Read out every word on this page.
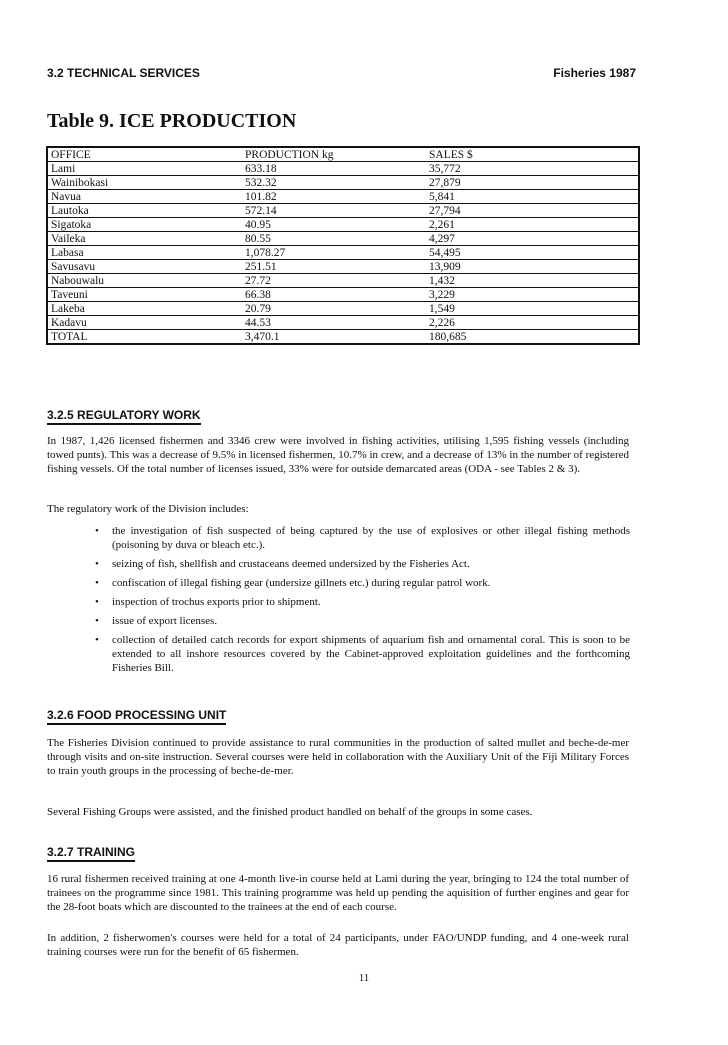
3.2 TECHNICAL SERVICES	Fisheries 1987
Table 9. ICE PRODUCTION
OFFICE	PRODUCTION kg	SALES $
Lami	633.18	35,772
Wainibokasi	532.32	27,879
Navua	101.82	5,841
Lautoka	572.14	27,794
Sigatoka	40.95	2,261
Vaileka	80.55	4,297
Labasa	1,078.27	54,495
Savusavu	251.51	13,909
Nabouwalu	27.72	1,432
Taveuni	66.38	3,229
Lakeba	20.79	1,549
Kadavu	44.53	2,226
TOTAL	3,470.1	180,685
3.2.5 REGULATORY WORK
In 1987, 1,426 licensed fishermen and 3346 crew were involved in fishing activities, utilising 1,595 fishing vessels (including towed punts). This was a decrease of 9.5% in licensed fishermen, 10.7% in crew, and a decrease of 13% in the number of registered fishing vessels. Of the total number of licenses issued, 33% were for outside demarcated areas (ODA - see Tables 2 & 3).
The regulatory work of the Division includes:
• the investigation of fish suspected of being captured by the use of explosives or other illegal fishing methods (poisoning by duva or bleach etc.).
• seizing of fish, shellfish and crustaceans deemed undersized by the Fisheries Act.
• confiscation of illegal fishing gear (undersize gillnets etc.) during regular patrol work.
• inspection of trochus exports prior to shipment.
• issue of export licenses.
• collection of detailed catch records for export shipments of aquarium fish and ornamental coral. This is soon to be extended to all inshore resources covered by the Cabinet-approved exploitation guidelines and the forthcoming Fisheries Bill.
3.2.6 FOOD PROCESSING UNIT
The Fisheries Division continued to provide assistance to rural communities in the production of salted mullet and beche-de-mer through visits and on-site instruction. Several courses were held in collaboration with the Auxiliary Unit of the Fiji Military Forces to train youth groups in the processing of beche-de-mer.
Several Fishing Groups were assisted, and the finished product handled on behalf of the groups in some cases.
3.2.7 TRAINING
16 rural fishermen received training at one 4-month live-in course held at Lami during the year, bringing to 124 the total number of trainees on the programme since 1981. This training programme was held up pending the aquisition of further engines and gear for the 28-foot boats which are discounted to the trainees at the end of each course.
In addition, 2 fisherwomen's courses were held for a total of 24 participants, under FAO/UNDP funding, and 4 one-week rural training courses were run for the benefit of 65 fishermen.
11
